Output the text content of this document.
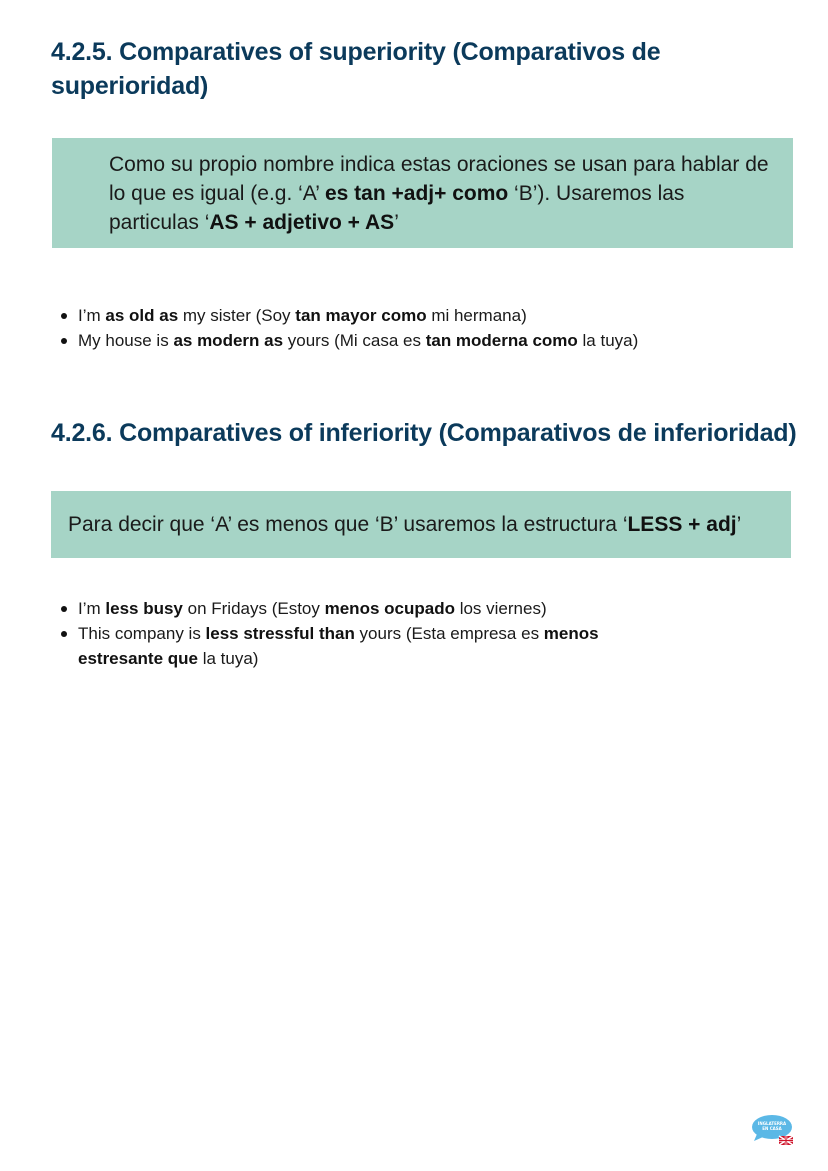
4.2.5. Comparatives of superiority (Comparativos de superioridad)
Como su propio nombre indica estas oraciones se usan para hablar de lo que es igual (e.g. ‘A’ es tan +adj+ como ‘B’). Usaremos las particulas ‘AS + adjetivo + AS’
I’m as old as my sister (Soy tan mayor como mi hermana)
My house is as modern as yours (Mi casa es tan moderna como la tuya)
4.2.6. Comparatives of inferiority (Comparativos de inferioridad)
Para decir que ‘A’ es menos que ‘B’ usaremos la estructura ‘LESS + adj’
I’m less busy on Fridays (Estoy menos ocupado los viernes)
This company is less stressful than yours (Esta empresa es menos estresante que la tuya)
INGLATERRA
EN CASA
